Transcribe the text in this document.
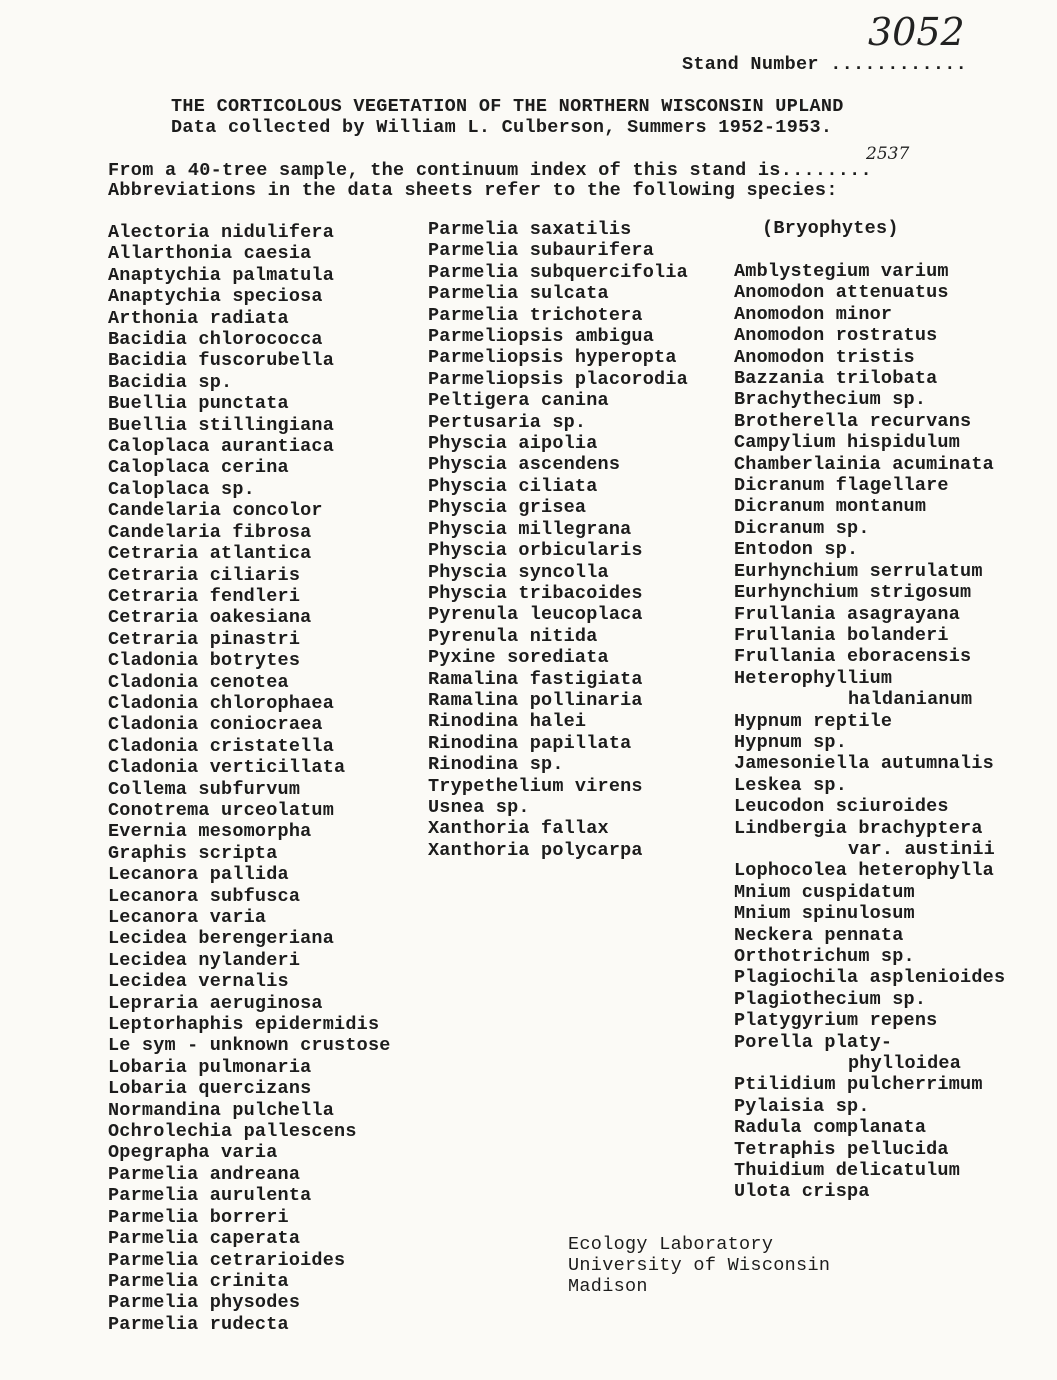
3052
2537
Stand Number ............
THE CORTICOLOUS VEGETATION OF THE NORTHERN WISCONSIN UPLAND
Data collected by William L. Culberson, Summers 1952-1953.
From a 40-tree sample, the continuum index of this stand is........
Abbreviations in the data sheets refer to the following species:
Alectoria nidulifera
Allarthonia caesia
Anaptychia palmatula
Anaptychia speciosa
Arthonia radiata
Bacidia chlorococca
Bacidia fuscorubella
Bacidia sp.
Buellia punctata
Buellia stillingiana
Caloplaca aurantiaca
Caloplaca cerina
Caloplaca sp.
Candelaria concolor
Candelaria fibrosa
Cetraria atlantica
Cetraria ciliaris
Cetraria fendleri
Cetraria oakesiana
Cetraria pinastri
Cladonia botrytes
Cladonia cenotea
Cladonia chlorophaea
Cladonia coniocraea
Cladonia cristatella
Cladonia verticillata
Collema subfurvum
Conotrema urceolatum
Evernia mesomorpha
Graphis scripta
Lecanora pallida
Lecanora subfusca
Lecanora varia
Lecidea berengeriana
Lecidea nylanderi
Lecidea vernalis
Lepraria aeruginosa
Leptorhaphis epidermidis
Le sym - unknown crustose
Lobaria pulmonaria
Lobaria quercizans
Normandina pulchella
Ochrolechia pallescens
Opegrapha varia
Parmelia andreana
Parmelia aurulenta
Parmelia borreri
Parmelia caperata
Parmelia cetrarioides
Parmelia crinita
Parmelia physodes
Parmelia rudecta
Parmelia saxatilis
Parmelia subaurifera
Parmelia subquercifolia
Parmelia sulcata
Parmelia trichotera
Parmeliopsis ambigua
Parmeliopsis hyperopta
Parmeliopsis placorodia
Peltigera canina
Pertusaria sp.
Physcia aipolia
Physcia ascendens
Physcia ciliata
Physcia grisea
Physcia millegrana
Physcia orbicularis
Physcia syncolla
Physcia tribacoides
Pyrenula leucoplaca
Pyrenula nitida
Pyxine sorediata
Ramalina fastigiata
Ramalina pollinaria
Rinodina halei
Rinodina papillata
Rinodina sp.
Trypethelium virens
Usnea sp.
Xanthoria fallax
Xanthoria polycarpa
(Bryophytes)
Amblystegium varium
Anomodon attenuatus
Anomodon minor
Anomodon rostratus
Anomodon tristis
Bazzania trilobata
Brachythecium sp.
Brotherella recurvans
Campylium hispidulum
Chamberlainia acuminata
Dicranum flagellare
Dicranum montanum
Dicranum sp.
Entodon sp.
Eurhynchium serrulatum
Eurhynchium strigosum
Frullania asagrayana
Frullania bolanderi
Frullania eboracensis
Heterophyllium
haldanianum
Hypnum reptile
Hypnum sp.
Jamesoniella autumnalis
Leskea sp.
Leucodon sciuroides
Lindbergia brachyptera
var. austinii
Lophocolea heterophylla
Mnium cuspidatum
Mnium spinulosum
Neckera pennata
Orthotrichum sp.
Plagiochila asplenioides
Plagiothecium sp.
Platygyrium repens
Porella platy-
phylloidea
Ptilidium pulcherrimum
Pylaisia sp.
Radula complanata
Tetraphis pellucida
Thuidium delicatulum
Ulota crispa
Ecology Laboratory
University of Wisconsin
Madison
